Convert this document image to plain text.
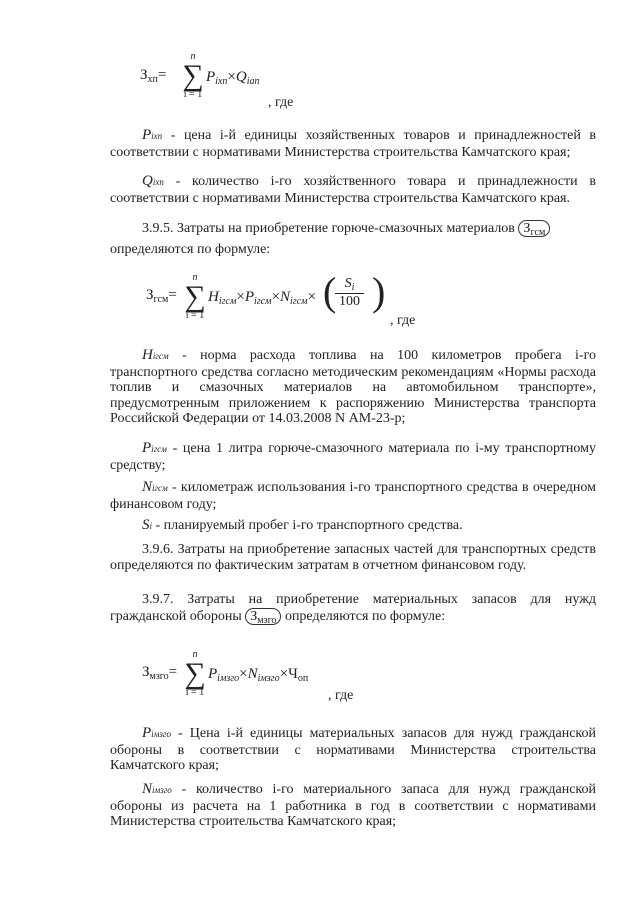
$З_{хп}=$
n
∑
i = 1
$P_{ixn}\times Q_{ian}$
, где
Pixn - цена i-й единицы хозяйственных товаров и принадлежностей в соответствии с нормативами Министерства строительства Камчатского края;
Qixn - количество i-го хозяйственного товара и принадлежности в соответствии с нормативами Министерства строительства Камчатского края.
3.9.5. Затраты на приобретение горюче-смазочных материалов $З_{гсм}$
определяются по формуле:
$З_{гсм}=$
n
∑
i = 1
$H_{iгсм}\times P_{iгсм}\times N_{iгсм}\times$ (
$\frac{S_i}{100}$ )
, где
Hiгсм - норма расхода топлива на 100 километров пробега i-го транспортного средства согласно методическим рекомендациям «Нормы расхода топлив и смазочных материалов на автомобильном транспорте», предусмотренным приложением к распоряжению Министерства транспорта Российской Федерации от 14.03.2008 N АМ-23-р;
Piгсм - цена 1 литра горюче-смазочного материала по i-му транспортному средству;
Niгсм - километраж использования i-го транспортного средства в очередном финансовом году;
Si - планируемый пробег i-го транспортного средства.
3.9.6. Затраты на приобретение запасных частей для транспортных средств определяются по фактическим затратам в отчетном финансовом году.
3.9.7. Затраты на приобретение материальных запасов для нужд гражданской обороны $З_{мзго}$ определяются по формуле:
$З_{мзго}=$
n
∑
i = 1
$P_{iмзго}\times N_{iмзго}\times Ч_{оп}$
, где
Piмзго - Цена i-й единицы материальных запасов для нужд гражданской обороны в соответствии с нормативами Министерства строительства Камчатского края;
Niмзго - количество i-го материального запаса для нужд гражданской обороны из расчета на 1 работника в год в соответствии с нормативами Министерства строительства Камчатского края;
